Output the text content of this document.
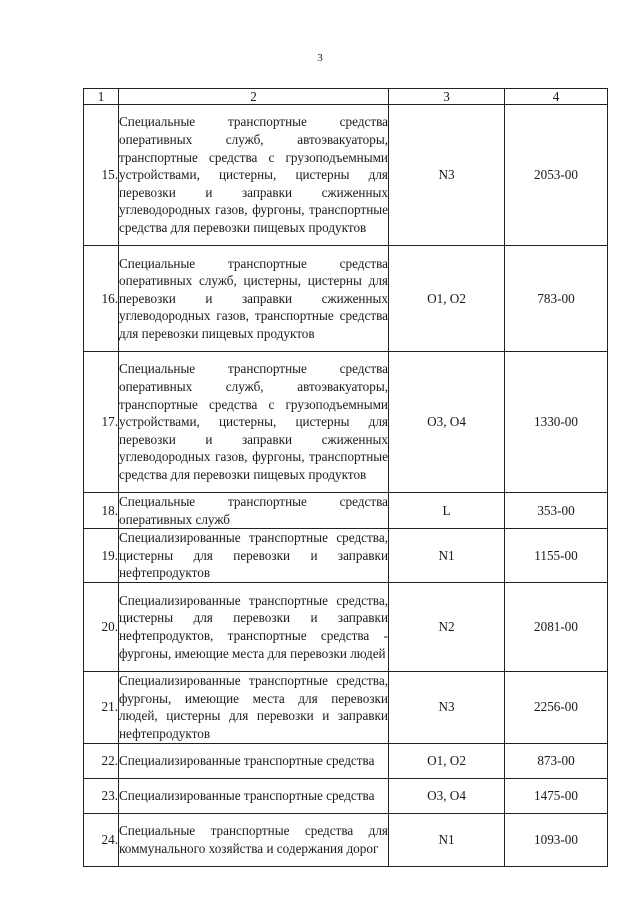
3
1	2	3	4
15.	Специальные транспортные средства оперативных служб, автоэвакуаторы, транспортные средства с грузоподъемными устройствами, цистерны, цистерны для перевозки и заправки сжиженных углеводородных газов, фургоны, транспортные средства для перевозки пищевых продуктов	N3	2053-00
16.	Специальные транспортные средства оперативных служб, цистерны, цистерны для перевозки и заправки сжиженных углеводородных газов, транспортные средства для перевозки пищевых продуктов	O1, O2	783-00
17.	Специальные транспортные средства оперативных служб, автоэвакуаторы, транспортные средства с грузоподъемными устройствами, цистерны, цистерны для перевозки и заправки сжиженных углеводородных газов, фургоны, транспортные средства для перевозки пищевых продуктов	O3, O4	1330-00
18.	Специальные транспортные средства оперативных служб	L	353-00
19.	Специализированные транспортные средства, цистерны для перевозки и заправки нефтепродуктов	N1	1155-00
20.	Специализированные транспортные средства, цистерны для перевозки и заправки нефтепродуктов, транспортные средства - фургоны, имеющие места для перевозки людей	N2	2081-00
21.	Специализированные транспортные средства, фургоны, имеющие места для перевозки людей, цистерны для перевозки и заправки нефтепродуктов	N3	2256-00
22.	Специализированные транспортные средства	O1, O2	873-00
23.	Специализированные транспортные средства	O3, O4	1475-00
24.	Специальные транспортные средства для коммунального хозяйства и содержания дорог	N1	1093-00
